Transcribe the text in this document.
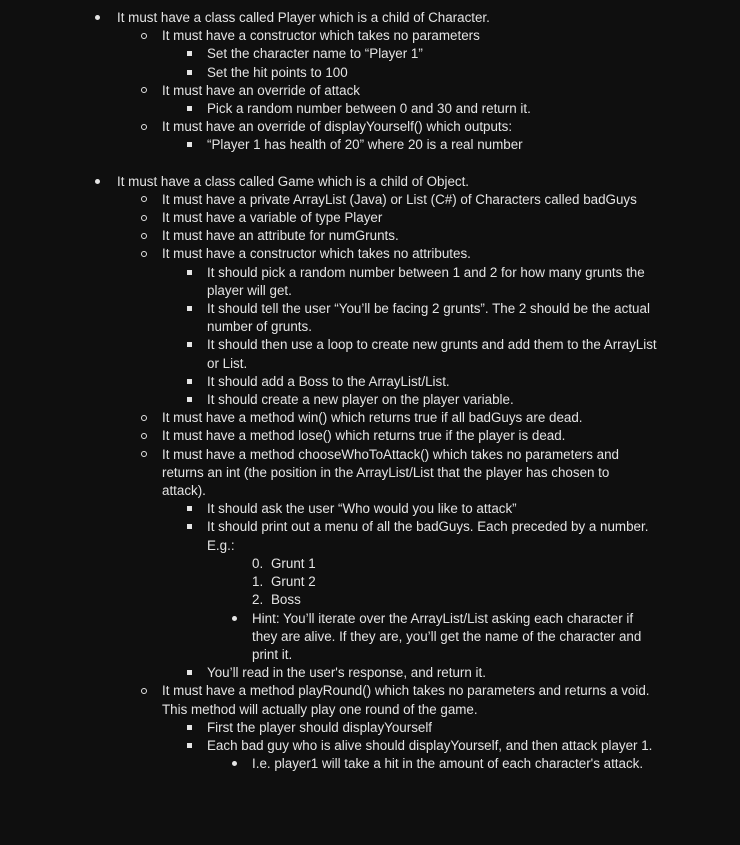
It must have a class called Player which is a child of Character.
It must have a constructor which takes no parameters
Set the character name to “Player 1”
Set the hit points to 100
It must have an override of attack
Pick a random number between 0 and 30 and return it.
It must have an override of displayYourself() which outputs:
“Player 1 has health of 20” where 20 is a real number
It must have a class called Game which is a child of Object.
It must have a private ArrayList (Java) or List (C#) of Characters called badGuys
It must have a variable of type Player
It must have an attribute for numGrunts.
It must have a constructor which takes no attributes.
It should pick a random number between 1 and 2 for how many grunts the player will get.
It should tell the user “You’ll be facing 2 grunts”. The 2 should be the actual number of grunts.
It should then use a loop to create new grunts and add them to the ArrayList or List.
It should add a Boss to the ArrayList/List.
It should create a new player on the player variable.
It must have a method win() which returns true if all badGuys are dead.
It must have a method lose() which returns true if the player is dead.
It must have a method chooseWhoToAttack() which takes no parameters and returns an int (the position in the ArrayList/List that the player has chosen to attack).
It should ask the user “Who would you like to attack”
It should print out a menu of all the badGuys. Each preceded by a number. E.g.:
0. Grunt 1
1. Grunt 2
2. Boss
Hint: You’ll iterate over the ArrayList/List asking each character if they are alive. If they are, you’ll get the name of the character and print it.
You’ll read in the user's response, and return it.
It must have a method playRound() which takes no parameters and returns a void. This method will actually play one round of the game.
First the player should displayYourself
Each bad guy who is alive should displayYourself, and then attack player 1.
I.e. player1 will take a hit in the amount of each character's attack.
